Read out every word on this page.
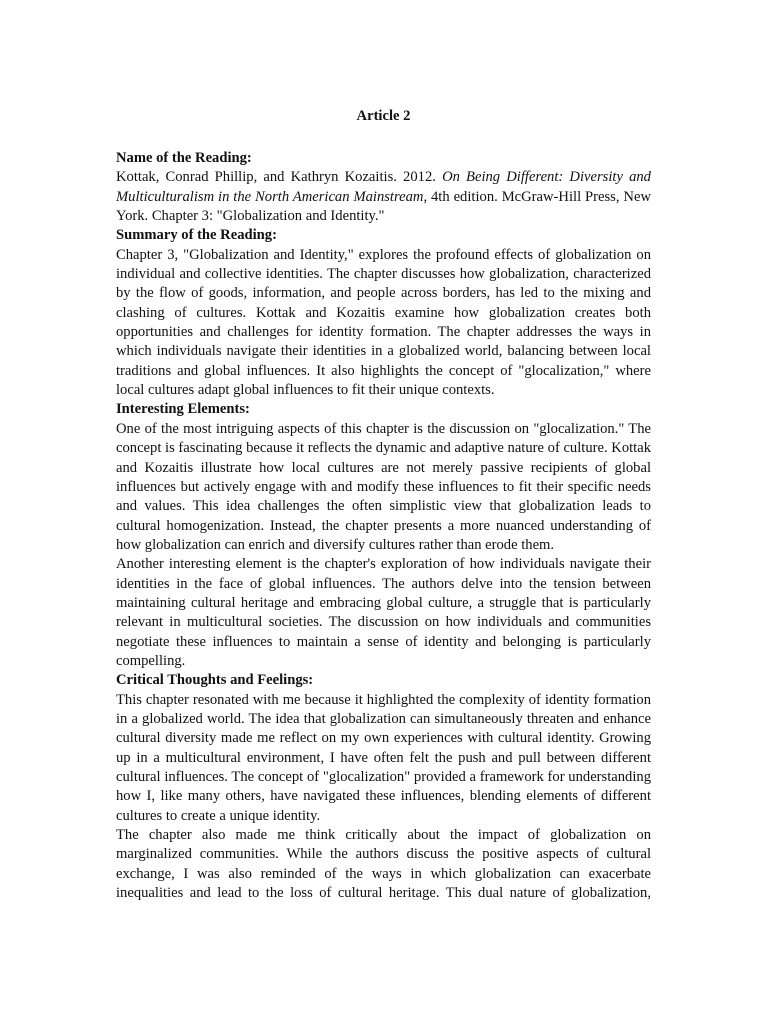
Article 2
Name of the Reading:

Kottak, Conrad Phillip, and Kathryn Kozaitis. 2012. On Being Different: Diversity and Multiculturalism in the North American Mainstream, 4th edition. McGraw-Hill Press, New York. Chapter 3: "Globalization and Identity."

Summary of the Reading:

Chapter 3, "Globalization and Identity," explores the profound effects of globalization on individual and collective identities. The chapter discusses how globalization, characterized by the flow of goods, information, and people across borders, has led to the mixing and clashing of cultures. Kottak and Kozaitis examine how globalization creates both opportunities and challenges for identity formation. The chapter addresses the ways in which individuals navigate their identities in a globalized world, balancing between local traditions and global influences. It also highlights the concept of "glocalization," where local cultures adapt global influences to fit their unique contexts.

Interesting Elements:

One of the most intriguing aspects of this chapter is the discussion on "glocalization." The concept is fascinating because it reflects the dynamic and adaptive nature of culture. Kottak and Kozaitis illustrate how local cultures are not merely passive recipients of global influences but actively engage with and modify these influences to fit their specific needs and values. This idea challenges the often simplistic view that globalization leads to cultural homogenization. Instead, the chapter presents a more nuanced understanding of how globalization can enrich and diversify cultures rather than erode them.

Another interesting element is the chapter's exploration of how individuals navigate their identities in the face of global influences. The authors delve into the tension between maintaining cultural heritage and embracing global culture, a struggle that is particularly relevant in multicultural societies. The discussion on how individuals and communities negotiate these influences to maintain a sense of identity and belonging is particularly compelling.

Critical Thoughts and Feelings:

This chapter resonated with me because it highlighted the complexity of identity formation in a globalized world. The idea that globalization can simultaneously threaten and enhance cultural diversity made me reflect on my own experiences with cultural identity. Growing up in a multicultural environment, I have often felt the push and pull between different cultural influences. The concept of "glocalization" provided a framework for understanding how I, like many others, have navigated these influences, blending elements of different cultures to create a unique identity.

The chapter also made me think critically about the impact of globalization on marginalized communities. While the authors discuss the positive aspects of cultural exchange, I was also reminded of the ways in which globalization can exacerbate inequalities and lead to the loss of cultural heritage. This dual nature of globalization,
